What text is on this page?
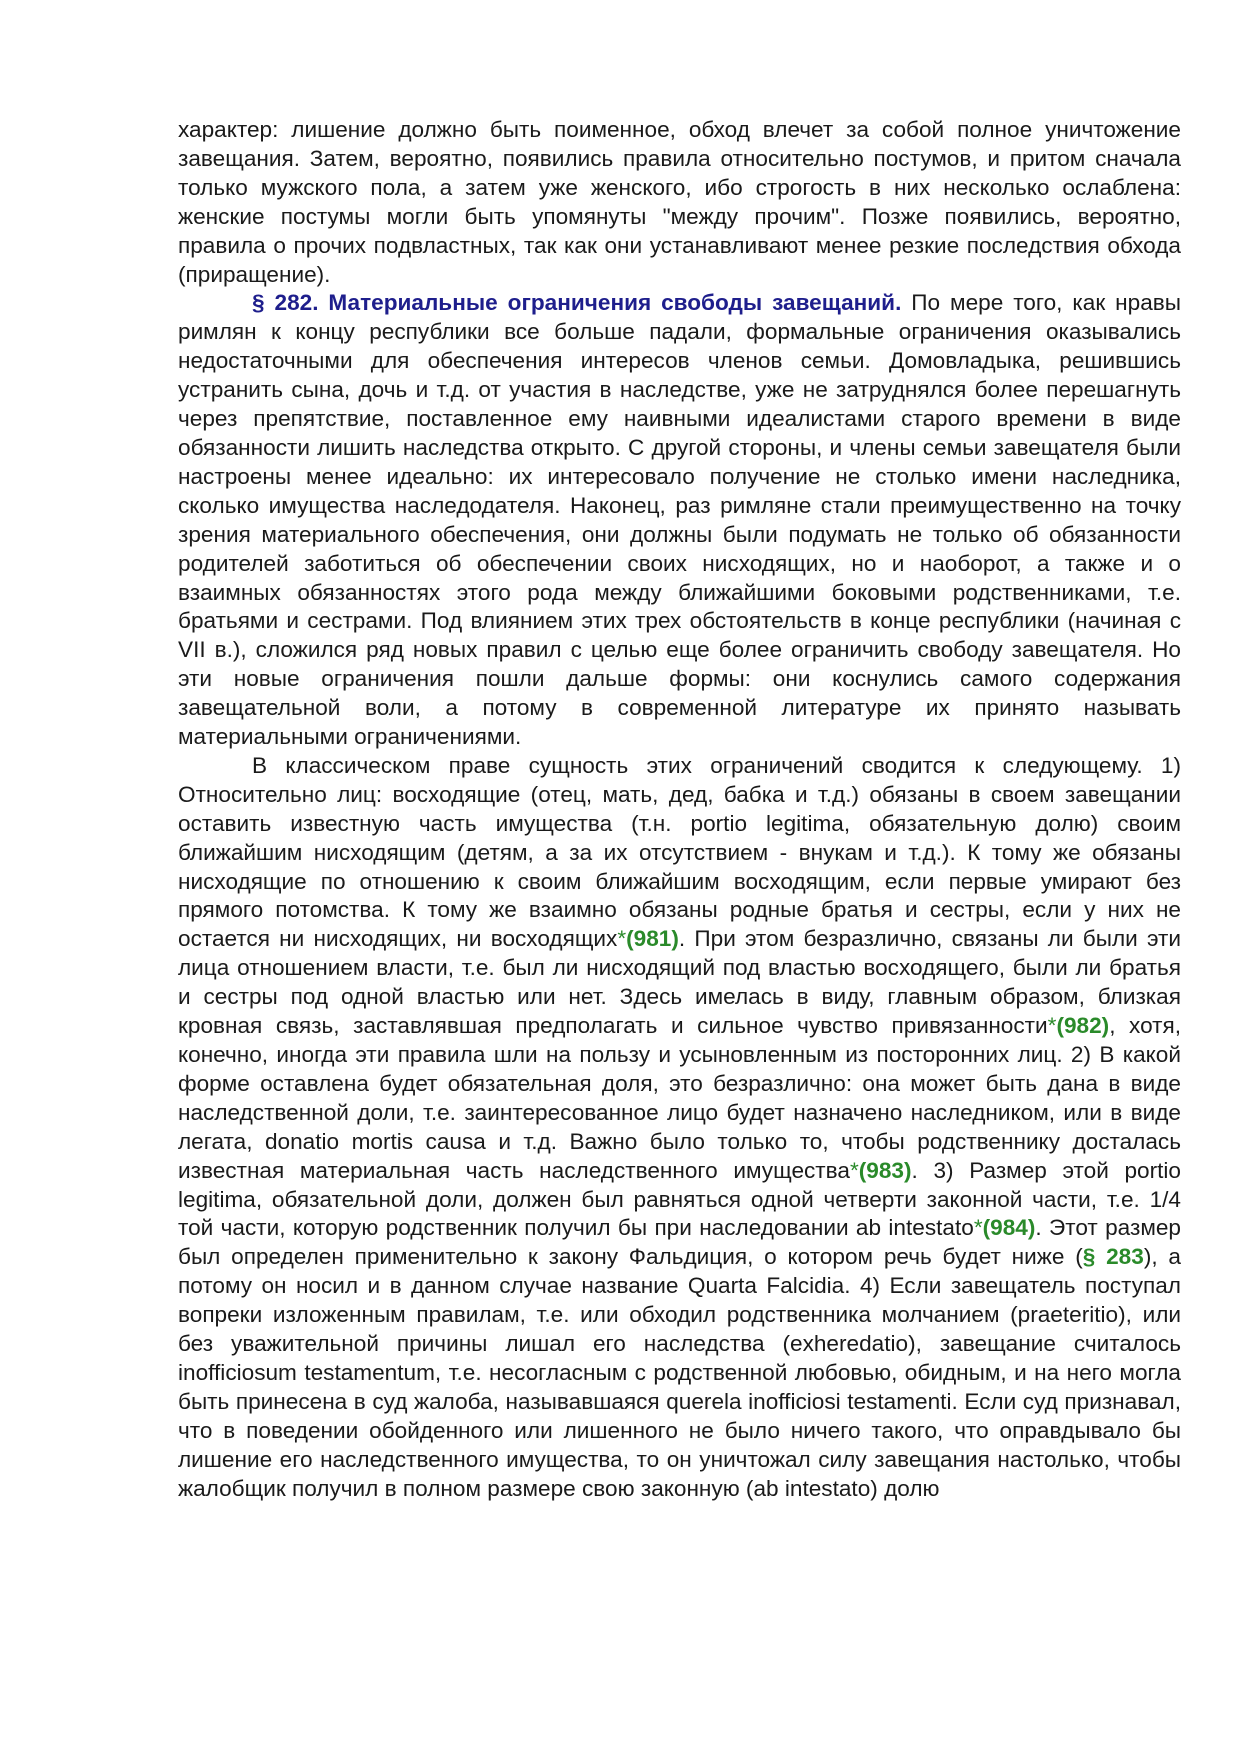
характер: лишение должно быть поименное, обход влечет за собой полное уничтожение завещания. Затем, вероятно, появились правила относительно постумов, и притом сначала только мужского пола, а затем уже женского, ибо строгость в них несколько ослаблена: женские постумы могли быть упомянуты "между прочим". Позже появились, вероятно, правила о прочих подвластных, так как они устанавливают менее резкие последствия обхода (приращение).

§ 282. Материальные ограничения свободы завещаний. По мере того, как нравы римлян к концу республики все больше падали, формальные ограничения оказывались недостаточными для обеспечения интересов членов семьи. Домовладыка, решившись устранить сына, дочь и т.д. от участия в наследстве, уже не затруднялся более перешагнуть через препятствие, поставленное ему наивными идеалистами старого времени в виде обязанности лишить наследства открыто. С другой стороны, и члены семьи завещателя были настроены менее идеально: их интересовало получение не столько имени наследника, сколько имущества наследодателя. Наконец, раз римляне стали преимущественно на точку зрения материального обеспечения, они должны были подумать не только об обязанности родителей заботиться об обеспечении своих нисходящих, но и наоборот, а также и о взаимных обязанностях этого рода между ближайшими боковыми родственниками, т.е. братьями и сестрами. Под влиянием этих трех обстоятельств в конце республики (начиная с VII в.), сложился ряд новых правил с целью еще более ограничить свободу завещателя. Но эти новые ограничения пошли дальше формы: они коснулись самого содержания завещательной воли, а потому в современной литературе их принято называть материальными ограничениями.

В классическом праве сущность этих ограничений сводится к следующему. 1) Относительно лиц: восходящие (отец, мать, дед, бабка и т.д.) обязаны в своем завещании оставить известную часть имущества (т.н. portio legitima, обязательную долю) своим ближайшим нисходящим (детям, а за их отсутствием - внукам и т.д.). К тому же обязаны нисходящие по отношению к своим ближайшим восходящим, если первые умирают без прямого потомства. К тому же взаимно обязаны родные братья и сестры, если у них не остается ни нисходящих, ни восходящих*(981). При этом безразлично, связаны ли были эти лица отношением власти, т.е. был ли нисходящий под властью восходящего, были ли братья и сестры под одной властью или нет. Здесь имелась в виду, главным образом, близкая кровная связь, заставлявшая предполагать и сильное чувство привязанности*(982), хотя, конечно, иногда эти правила шли на пользу и усыновленным из посторонних лиц. 2) В какой форме оставлена будет обязательная доля, это безразлично: она может быть дана в виде наследственной доли, т.е. заинтересованное лицо будет назначено наследником, или в виде легата, donatio mortis causa и т.д. Важно было только то, чтобы родственнику досталась известная материальная часть наследственного имущества*(983). 3) Размер этой portio legitima, обязательной доли, должен был равняться одной четверти законной части, т.е. 1/4 той части, которую родственник получил бы при наследовании ab intestato*(984). Этот размер был определен применительно к закону Фальдиция, о котором речь будет ниже (§ 283), а потому он носил и в данном случае название Quarta Falcidia. 4) Если завещатель поступал вопреки изложенным правилам, т.е. или обходил родственника молчанием (praeteritio), или без уважительной причины лишал его наследства (exheredatio), завещание считалось inofficiosum testamentum, т.е. несогласным с родственной любовью, обидным, и на него могла быть принесена в суд жалоба, называвшаяся querela inofficiosi testamenti. Если суд признавал, что в поведении обойденного или лишенного не было ничего такого, что оправдывало бы лишение его наследственного имущества, то он уничтожал силу завещания настолько, чтобы жалобщик получил в полном размере свою законную (ab intestato) долю
